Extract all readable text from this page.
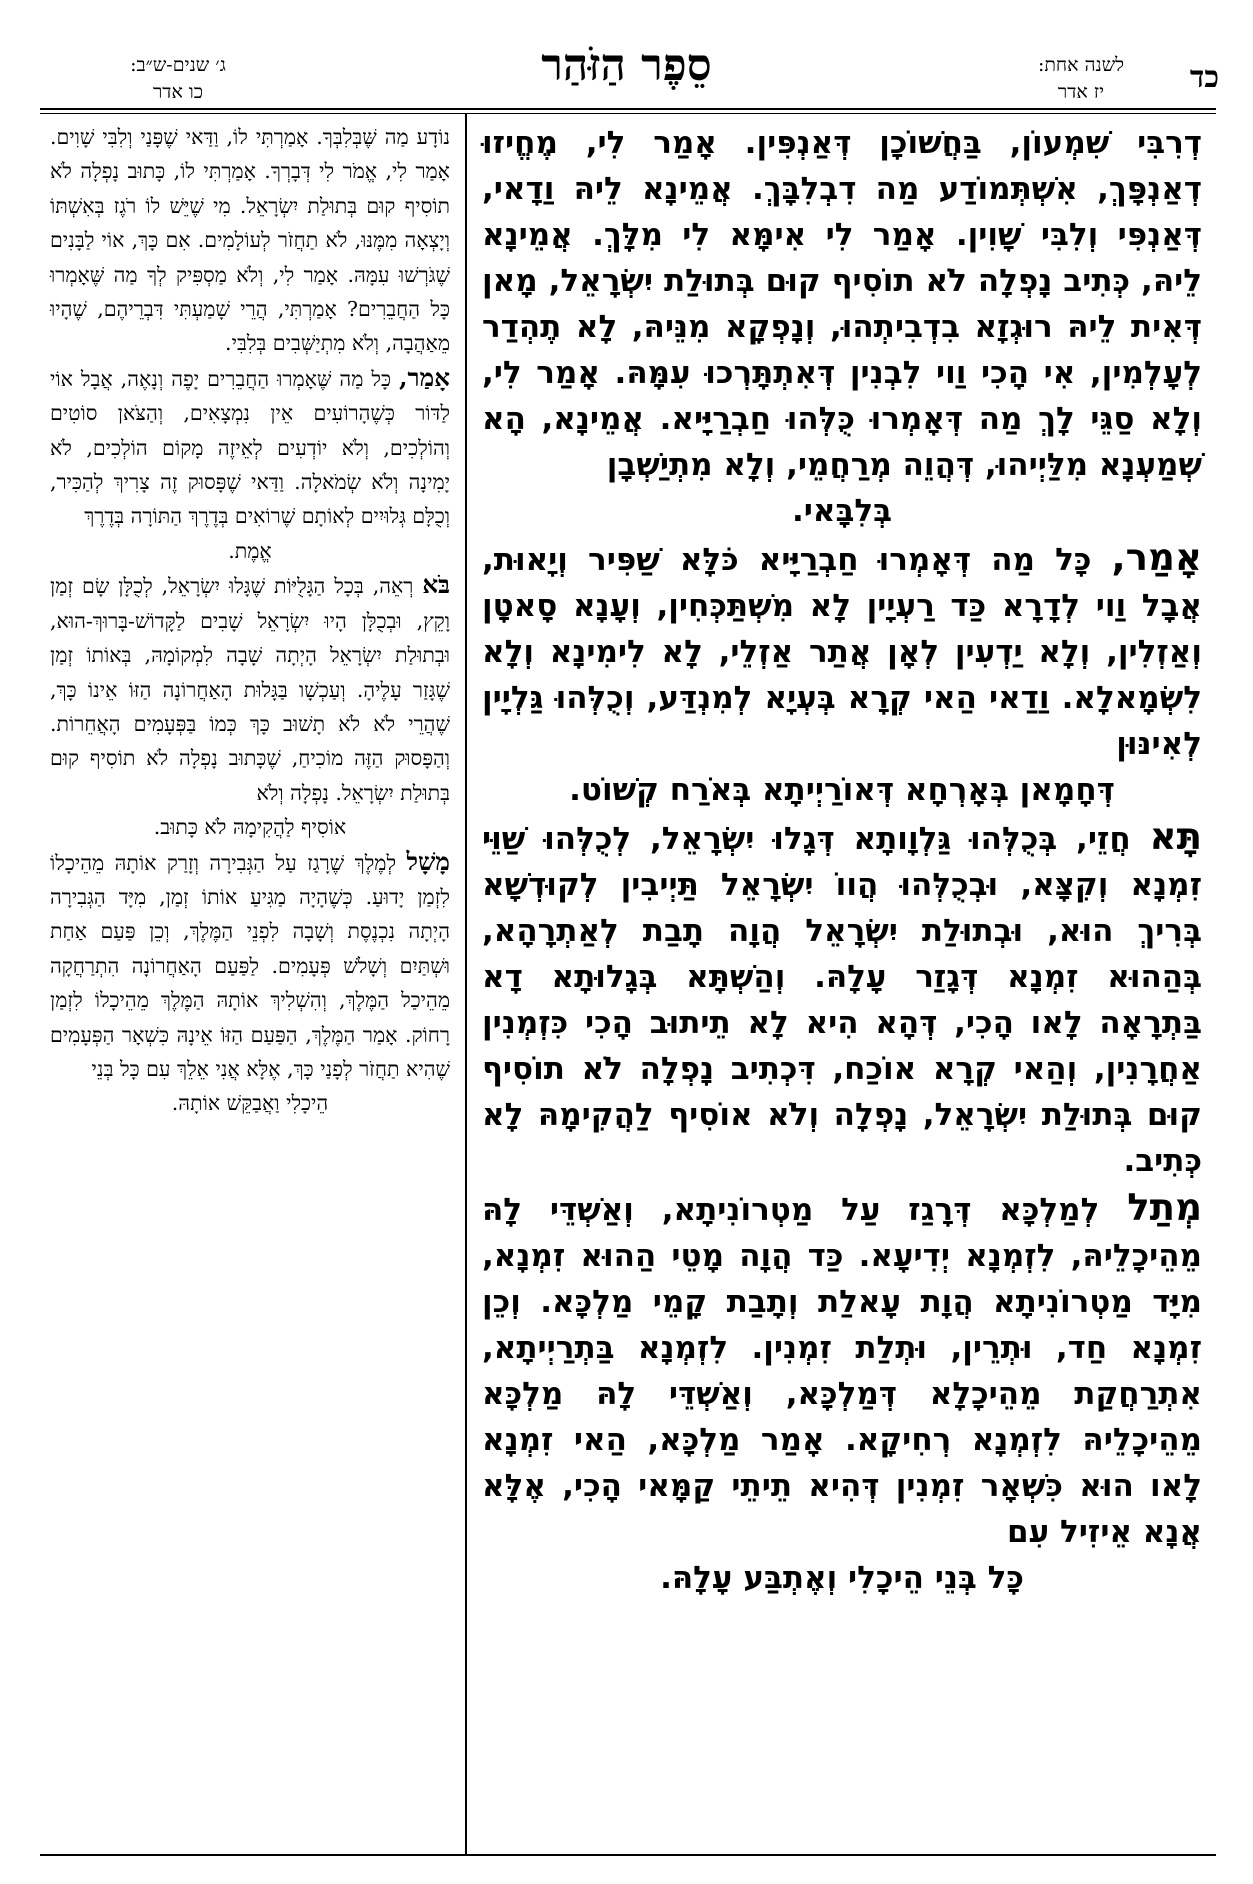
כד
לשנה אחת:
יז אדר
סֵפֶר הַזֹּהַר
ג׳ שנים-ש״ב:
כו אדר

דְרִבִּי שִׁמְעוֹן, בַּחֲשׁוֹכָן דְּאַנְפִּין. אָמַר לִי, מֶחֱיזוּ דְאַנְפָּךְ, אִשְׁתְּמוֹדַע מַה דִבְלִבָּךְ. אֲמֵינָא לֵיהּ וַדָאי, דְּאַנְפִּי וְלִבִּי שָׁוִין. אָמַר לִי אִימָּא לִי מִלָּךְ. אֲמֵינָא לֵיהּ, כְּתִיב נָפְלָה לֹא תוֹסִיף קוּם בְּתוּלַת יִשְׂרָאֵל, מָאן דְּאִית לֵיהּ רוּגְזָא בִדְבִיתְהוּ, וְנָפְקָא מִנֵּיהּ, לָא תֶהְדַר לְעָלְמִין, אִי הָכִי וַוי לִבְנִין דְּאִתְתָּרְכוּ עִמָּהּ. אָמַר לִי, וְלָא סַגֵּי לָךְ מַה דְּאָמְרוּ כֻּלְּהוּ חַבְרַיָּיא. אֲמֵינָא, הָא שְׁמַעְנָא מִלַּיְיהוּ, דְּהֲוֵה מְרַחֲמֵי, וְלָא מִתְיַשְׁבָן

בְּלִבָּאי.

אָמַר, כָּל מַה דְּאָמְרוּ חַבְרַיָּיא כֹּלָּא שַׁפִּיר וְיָאוּת, אֲבָל וַוי לְדָרָא כַּד רַעְיָין לָא מִשְׁתַּכְּחִין, וְעָנָא סָאטָן וְאַזְלִין, וְלָא יַדְעִין לְאָן אֲתַר אַזְלֵי, לָא לִימִינָא וְלָא לִשְׂמָאלָא. וַדַאי הַאי קְרָא בְּעְיָא לְמִנְדַּע, וְכֻלְּהוּ גַּלְיָין לְאִינּוּן

דְּחָמָאן בְּאָרְחָא דְּאוֹרַיְיתָא בְּאֹרַח קְשׁוֹט.

תָּא חֲזֵי, בְּכֻלְּהוּ גַּלְוָותָא דְּגָלוּ יִשְׂרָאֵל, לְכֻלְּהוּ שַׁוֵּי זִמְנָא וְקִצָּא, וּבְכֻלְּהוּ הֲווֹ יִשְׂרָאֵל תַּיְיבִין לְקוּדְשָׁא בְּרִיךְ הוּא, וּבְתוּלַת יִשְׂרָאֵל הֲוָה תָבַת לְאַתְרָהָא, בְּהַהוּא זִמְנָא דְּגָזַר עָלָהּ. וְהַשְׁתָּא בְּגָלוּתָא דָא בַּתְרָאָה לָאו הָכִי, דְּהָא הִיא לָא תֵיתוּב הָכִי כִּזְמְנִין אַחֲרָנִין, וְהַאי קְרָא אוֹכַח, דִּכְתִיב נָפְלָה לֹא תוֹסִיף קוּם בְּתוּלַת יִשְׂרָאֵל, נָפְלָה וְלֹא אוֹסִיף לַהֲקִימָהּ לָא כְּתִיב.

מְתַל לְמַלְכָּא דְּרָגַז עַל מַטְרוֹנִיתָא, וְאַשְׁדֵּי לָהּ מֵהֵיכָלֵיהּ, לִזְמְנָא יְדִיעָא. כַּד הֲוָה מָטֵי הַהוּא זִמְנָא, מִיָּד מַטְרוֹנִיתָא הֲוָת עָאלַת וְתָבַת קָמֵי מַלְכָּא. וְכֵן זִמְנָא חַד, וּתְרֵין, וּתְלַת זִמְנִין. לִזְמְנָא בַּתְרַיְיתָא, אִתְרַחֲקַת מֵהֵיכָלָא דְּמַלְכָּא, וְאַשְׁדֵּי לָהּ מַלְכָּא מֵהֵיכָלֵיהּ לִזְמְנָא רְחִיקָא. אָמַר מַלְכָּא, הַאי זִמְנָא לָאו הוּא כִּשְׁאָר זִמְנִין דְּהִיא תֵיתֵי קַמָּאי הָכִי, אֶלָּא אֲנָא אֵיזִיל עִם

כָּל בְּנֵי הֵיכָלִי וְאֶתְבַּע עָלָהּ.

נוֹדָע מַה שֶּׁבְּלִבְּךָ. אָמַרְתִּי לוֹ, וַדַּאי שֶׁפָּנַי וְלִבִּי שָׁוִים. אָמַר לִי, אֱמֹר לִי דְּבָרְךָ. אָמַרְתִּי לוֹ, כָּתוּב נָפְלָה לֹא תוֹסִיף קוּם בְּתוּלַת יִשְׂרָאֵל. מִי שֶׁיֵּשׁ לוֹ רֹגֶז בְּאִשְׁתּוֹ וְיָצְאָה מִמֶּנּוּ, לֹא תַחֲזֹר לְעוֹלָמִים. אִם כָּךְ, אוֹי לַבָּנִים שֶׁגֹּרְשׁוּ עִמָּהּ. אָמַר לִי, וְלֹא מַסְפִּיק לְךָ מַה שֶּׁאָמְרוּ כָּל הַחֲבֵרִים? אָמַרְתִּי, הֲרֵי שָׁמַעְתִּי דִּבְרֵיהֶם, שֶׁהָיוּ מֵאַהֲבָה, וְלֹא מִתְיַשְּׁבִים בְּלִבִּי.

אָמַר, כָּל מַה שֶּׁאָמְרוּ הַחֲבֵרִים יָפֶה וְנָאֶה, אֲבָל אוֹי לַדּוֹר כְּשֶׁהָרוֹעִים אֵין נִמְצָאִים, וְהַצֹּאן סוֹטִים וְהוֹלְכִים, וְלֹא יוֹדְעִים לְאֵיזֶה מָקוֹם הוֹלְכִים, לֹא יָמִינָה וְלֹא שְׂמֹאלָה. וַדַּאי שֶׁפָּסוּק זֶה צָרִיךְ לְהַכִּיר, וְכֻלָּם גְּלוּיִים לְאוֹתָם שֶׁרוֹאִים בְּדֶרֶךְ הַתּוֹרָה בְּדֶרֶךְ

אֱמֶת.

בֹּא רְאֵה, בְּכָל הַגָּלֻיּוֹת שֶׁגָּלוּ יִשְׂרָאֵל, לְכֻלָּן שָׂם זְמַן וָקֵץ, וּבְכֻלָּן הָיוּ יִשְׂרָאֵל שָׁבִים לַקָּדוֹשׁ-בָּרוּךְ-הוּא, וּבְתוּלַת יִשְׂרָאֵל הָיְתָה שָׁבָה לִמְקוֹמָהּ, בְּאוֹתוֹ זְמַן שֶׁגָּזַר עָלֶיהָ. וְעַכְשָׁו בַּגָּלוּת הָאַחֲרוֹנָה הַזּוֹ אֵינוֹ כָּךְ, שֶׁהֲרֵי לֹא לֹא תָשׁוּב כָּךְ כְּמוֹ בַּפְּעָמִים הָאֲחֵרוֹת. וְהַפָּסוּק הַזֶּה מוֹכִיחַ, שֶׁכָּתוּב נָפְלָה לֹא תוֹסִיף קוּם בְּתוּלַת יִשְׂרָאֵל. נָפְלָה וְלֹא

אוֹסִיף לַהֲקִימָהּ לֹא כָּתוּב.

מָשָׁל לְמֶלֶךְ שֶׁרָגַז עַל הַגְּבִירָה וְזָרַק אוֹתָהּ מֵהֵיכָלוֹ לִזְמַן יָדוּעַ. כְּשֶׁהָיָה מַגִּיעַ אוֹתוֹ זְמַן, מִיָּד הַגְּבִירָה הָיְתָה נִכְנֶסֶת וְשָׁבָה לִפְנֵי הַמֶּלֶךְ, וְכֵן פַּעַם אַחַת וּשְׁתַּיִם וְשָׁלֹשׁ פְּעָמִים. לַפַּעַם הָאַחֲרוֹנָה הִתְרַחֲקָה מֵהֵיכַל הַמֶּלֶךְ, וְהִשְׁלִיךְ אוֹתָהּ הַמֶּלֶךְ מֵהֵיכָלוֹ לִזְמַן רָחוֹק. אָמַר הַמֶּלֶךְ, הַפַּעַם הַזּוֹ אֵינָהּ כִּשְׁאָר הַפְּעָמִים שֶׁהִיא תַחֲזֹר לְפָנַי כָּךְ, אֶלָּא אֲנִי אֵלֵךְ עִם כָּל בְּנֵי

הֵיכָלִי וַאֲבַקֵּשׁ אוֹתָהּ.
